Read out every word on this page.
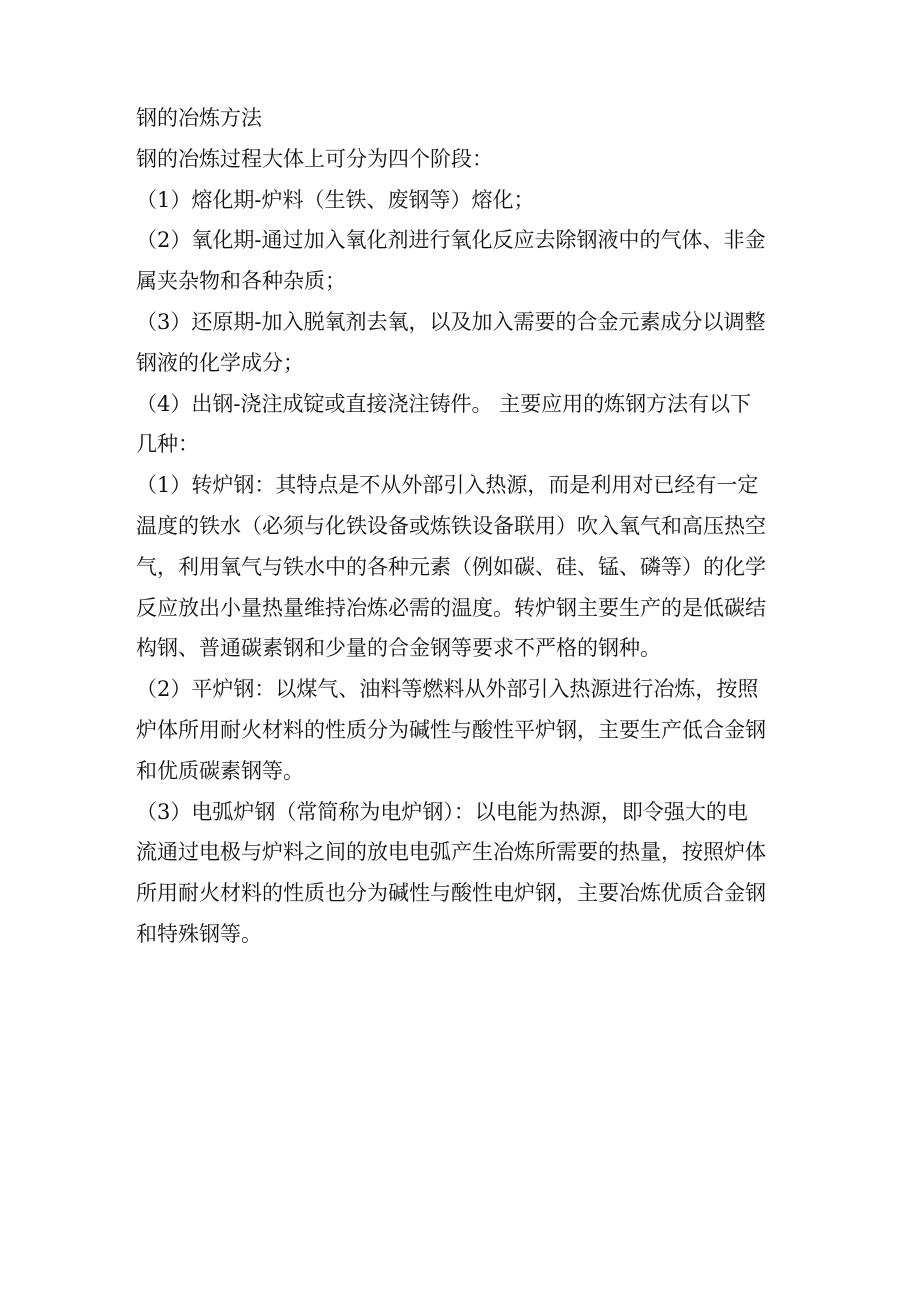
钢的冶炼方法
钢的冶炼过程大体上可分为四个阶段：
（1）熔化期-炉料（生铁、废钢等）熔化；
（2）氧化期-通过加入氧化剂进行氧化反应去除钢液中的气体、非金
属夹杂物和各种杂质；
（3）还原期-加入脱氧剂去氧，以及加入需要的合金元素成分以调整
钢液的化学成分；
（4）出钢-浇注成锭或直接浇注铸件。 主要应用的炼钢方法有以下
几种：
（1）转炉钢：其特点是不从外部引入热源，而是利用对已经有一定
温度的铁水（必须与化铁设备或炼铁设备联用）吹入氧气和高压热空
气，利用氧气与铁水中的各种元素（例如碳、硅、锰、磷等）的化学
反应放出小量热量维持冶炼必需的温度。转炉钢主要生产的是低碳结
构钢、普通碳素钢和少量的合金钢等要求不严格的钢种。
（2）平炉钢：以煤气、油料等燃料从外部引入热源进行冶炼，按照
炉体所用耐火材料的性质分为碱性与酸性平炉钢，主要生产低合金钢
和优质碳素钢等。
（3）电弧炉钢（常简称为电炉钢）：以电能为热源，即令强大的电
流通过电极与炉料之间的放电电弧产生冶炼所需要的热量，按照炉体
所用耐火材料的性质也分为碱性与酸性电炉钢，主要冶炼优质合金钢
和特殊钢等。
